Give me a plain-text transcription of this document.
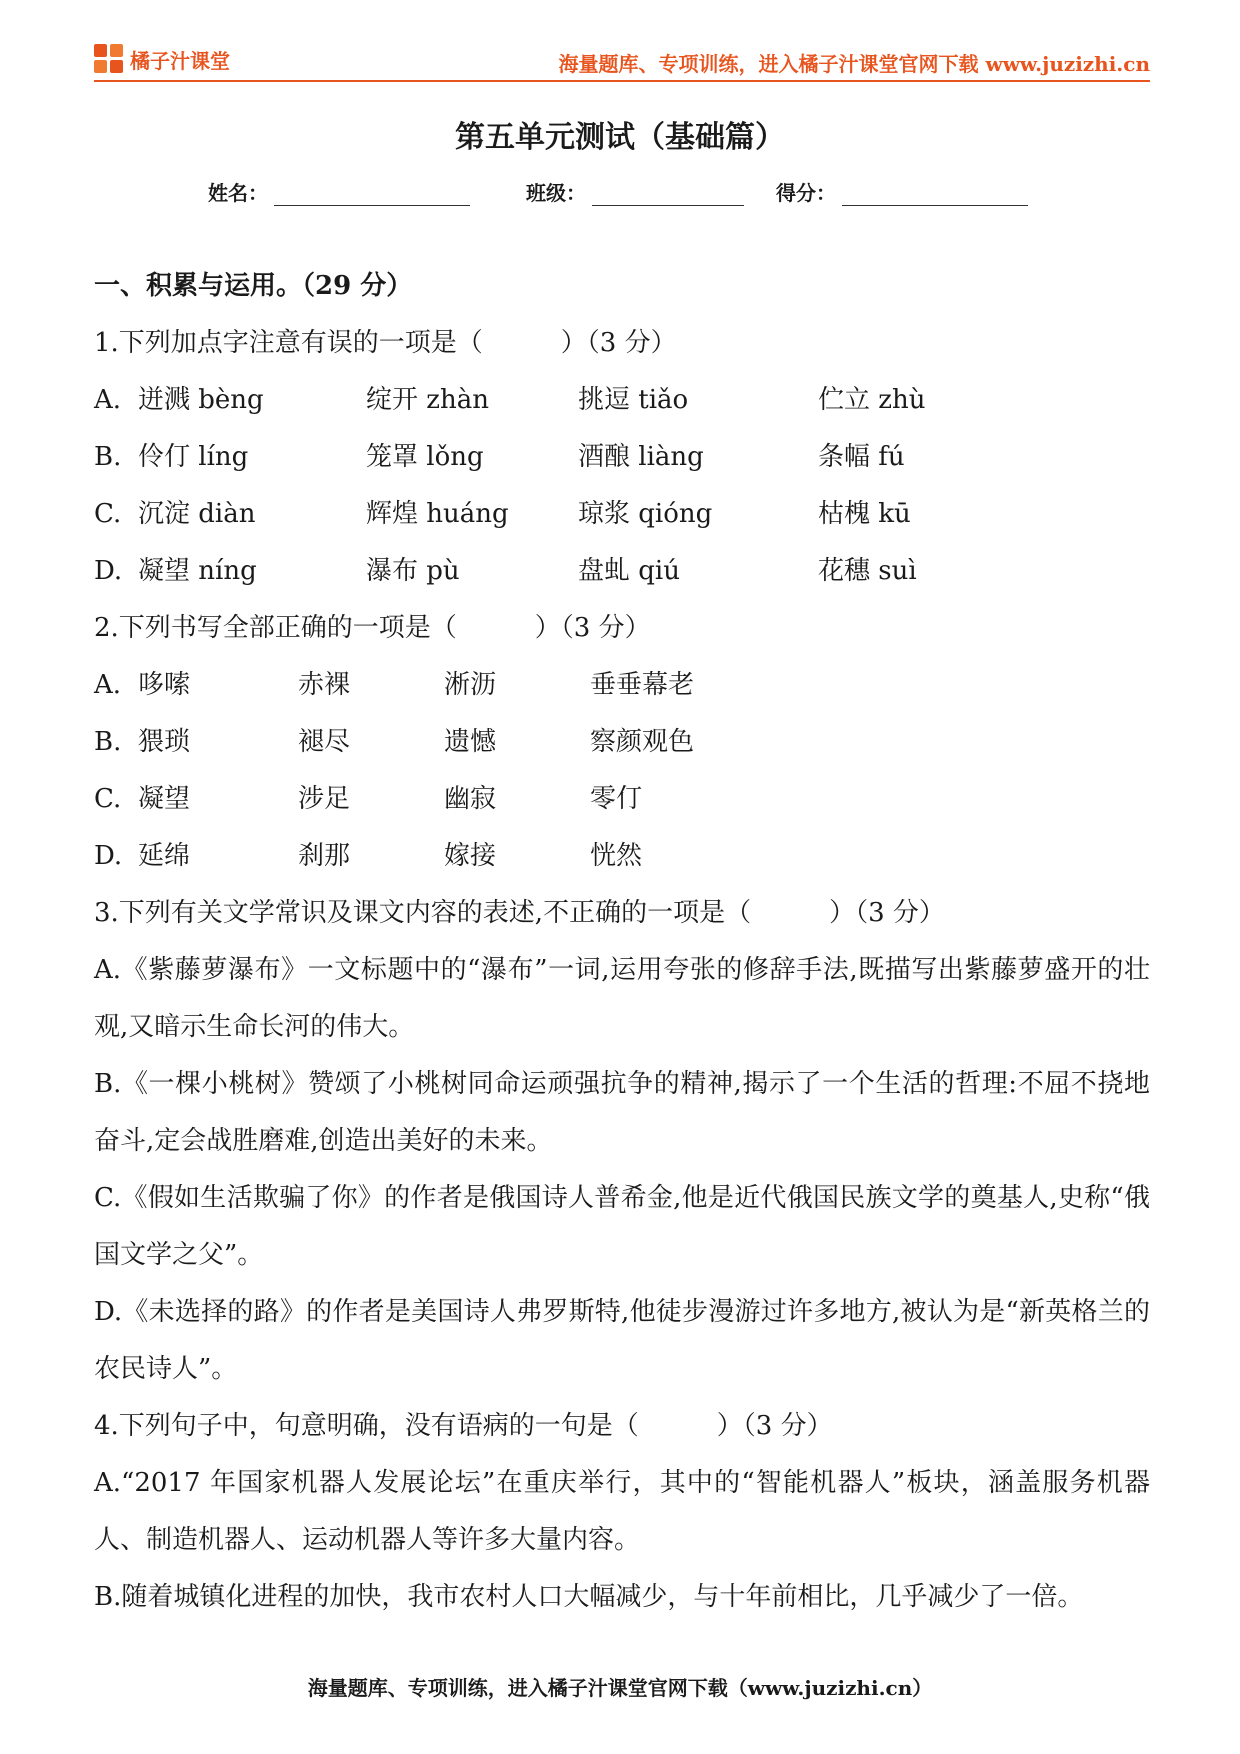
橘子汁课堂	海量题库、专项训练，进入橘子汁课堂官网下载 www.juzizhi.cn
第五单元测试（基础篇）
姓名：	班级：	得分：
一、积累与运用。（29 分）
1.下列加点字注意有误的一项是（　　　）（3 分）
A. 迸溅 bèng	绽开 zhàn	挑逗 tiǎo	伫立 zhù
B. 伶仃 líng	笼罩 lǒng	酒酿 liàng	条幅 fú
C. 沉淀 diàn	辉煌 huáng	琼浆 qióng	枯槐 kū
D. 凝望 níng	瀑布 pù	盘虬 qiú	花穗 suì
2.下列书写全部正确的一项是（　　　）（3 分）
A. 哆嗦	赤裸	淅沥	垂垂幕老
B. 猥琐	褪尽	遗憾	察颜观色
C. 凝望	涉足	幽寂	零仃
D. 延绵	刹那	嫁接	恍然
3.下列有关文学常识及课文内容的表述,不正确的一项是（　　　）（3 分）
A.《紫藤萝瀑布》一文标题中的“瀑布”一词,运用夸张的修辞手法,既描写出紫藤萝盛开的壮观,又暗示生命长河的伟大。
B.《一棵小桃树》赞颂了小桃树同命运顽强抗争的精神,揭示了一个生活的哲理:不屈不挠地奋斗,定会战胜磨难,创造出美好的未来。
C.《假如生活欺骗了你》的作者是俄国诗人普希金,他是近代俄国民族文学的奠基人,史称“俄国文学之父”。
D.《未选择的路》的作者是美国诗人弗罗斯特,他徒步漫游过许多地方,被认为是“新英格兰的农民诗人”。
4.下列句子中，句意明确，没有语病的一句是（　　　）（3 分）
A.“2017 年国家机器人发展论坛”在重庆举行，其中的“智能机器人”板块，涵盖服务机器人、制造机器人、运动机器人等许多大量内容。
B.随着城镇化进程的加快，我市农村人口大幅减少，与十年前相比，几乎减少了一倍。
海量题库、专项训练，进入橘子汁课堂官网下载（www.juzizhi.cn）
